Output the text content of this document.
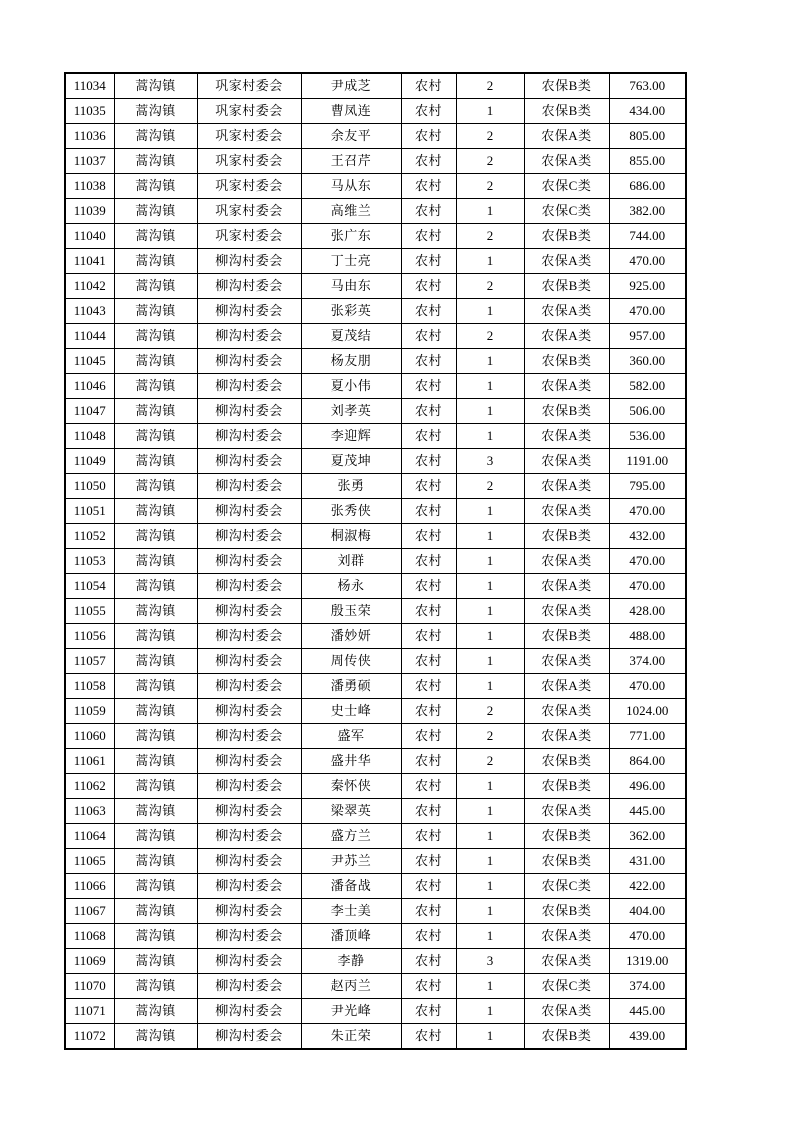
11034	蒿沟镇	巩家村委会	尹成芝	农村	2	农保B类	763.00
11035	蒿沟镇	巩家村委会	曹凤连	农村	1	农保B类	434.00
11036	蒿沟镇	巩家村委会	余友平	农村	2	农保A类	805.00
11037	蒿沟镇	巩家村委会	王召芹	农村	2	农保A类	855.00
11038	蒿沟镇	巩家村委会	马从东	农村	2	农保C类	686.00
11039	蒿沟镇	巩家村委会	高维兰	农村	1	农保C类	382.00
11040	蒿沟镇	巩家村委会	张广东	农村	2	农保B类	744.00
11041	蒿沟镇	柳沟村委会	丁士亮	农村	1	农保A类	470.00
11042	蒿沟镇	柳沟村委会	马由东	农村	2	农保B类	925.00
11043	蒿沟镇	柳沟村委会	张彩英	农村	1	农保A类	470.00
11044	蒿沟镇	柳沟村委会	夏茂结	农村	2	农保A类	957.00
11045	蒿沟镇	柳沟村委会	杨友朋	农村	1	农保B类	360.00
11046	蒿沟镇	柳沟村委会	夏小伟	农村	1	农保A类	582.00
11047	蒿沟镇	柳沟村委会	刘孝英	农村	1	农保B类	506.00
11048	蒿沟镇	柳沟村委会	李迎辉	农村	1	农保A类	536.00
11049	蒿沟镇	柳沟村委会	夏茂坤	农村	3	农保A类	1191.00
11050	蒿沟镇	柳沟村委会	张勇	农村	2	农保A类	795.00
11051	蒿沟镇	柳沟村委会	张秀侠	农村	1	农保A类	470.00
11052	蒿沟镇	柳沟村委会	桐淑梅	农村	1	农保B类	432.00
11053	蒿沟镇	柳沟村委会	刘群	农村	1	农保A类	470.00
11054	蒿沟镇	柳沟村委会	杨永	农村	1	农保A类	470.00
11055	蒿沟镇	柳沟村委会	殷玉荣	农村	1	农保A类	428.00
11056	蒿沟镇	柳沟村委会	潘妙妍	农村	1	农保B类	488.00
11057	蒿沟镇	柳沟村委会	周传侠	农村	1	农保A类	374.00
11058	蒿沟镇	柳沟村委会	潘勇硕	农村	1	农保A类	470.00
11059	蒿沟镇	柳沟村委会	史士峰	农村	2	农保A类	1024.00
11060	蒿沟镇	柳沟村委会	盛军	农村	2	农保A类	771.00
11061	蒿沟镇	柳沟村委会	盛井华	农村	2	农保B类	864.00
11062	蒿沟镇	柳沟村委会	秦怀侠	农村	1	农保B类	496.00
11063	蒿沟镇	柳沟村委会	梁翠英	农村	1	农保A类	445.00
11064	蒿沟镇	柳沟村委会	盛方兰	农村	1	农保B类	362.00
11065	蒿沟镇	柳沟村委会	尹苏兰	农村	1	农保B类	431.00
11066	蒿沟镇	柳沟村委会	潘备战	农村	1	农保C类	422.00
11067	蒿沟镇	柳沟村委会	李士美	农村	1	农保B类	404.00
11068	蒿沟镇	柳沟村委会	潘顶峰	农村	1	农保A类	470.00
11069	蒿沟镇	柳沟村委会	李静	农村	3	农保A类	1319.00
11070	蒿沟镇	柳沟村委会	赵丙兰	农村	1	农保C类	374.00
11071	蒿沟镇	柳沟村委会	尹光峰	农村	1	农保A类	445.00
11072	蒿沟镇	柳沟村委会	朱正荣	农村	1	农保B类	439.00
